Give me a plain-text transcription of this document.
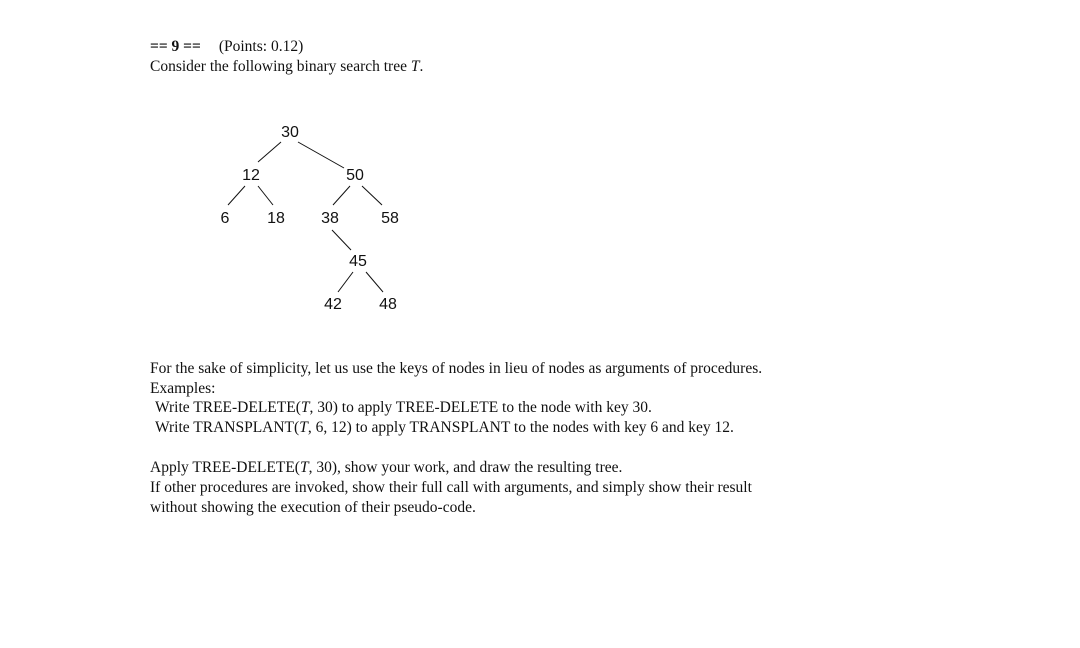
== 9 == (Points: 0.12)
Consider the following binary search tree T.
30
12	50
6 18 38	58
45
42 48
For the sake of simplicity, let us use the keys of nodes in lieu of nodes as arguments of procedures.
Examples:
Write TREE-DELETE(T, 30) to apply TREE-DELETE to the node with key 30.
Write TRANSPLANT(T, 6, 12) to apply TRANSPLANT to the nodes with key 6 and key 12.
Apply TREE-DELETE(T, 30), show your work, and draw the resulting tree.
If other procedures are invoked, show their full call with arguments, and simply show their result
without showing the execution of their pseudo-code.
